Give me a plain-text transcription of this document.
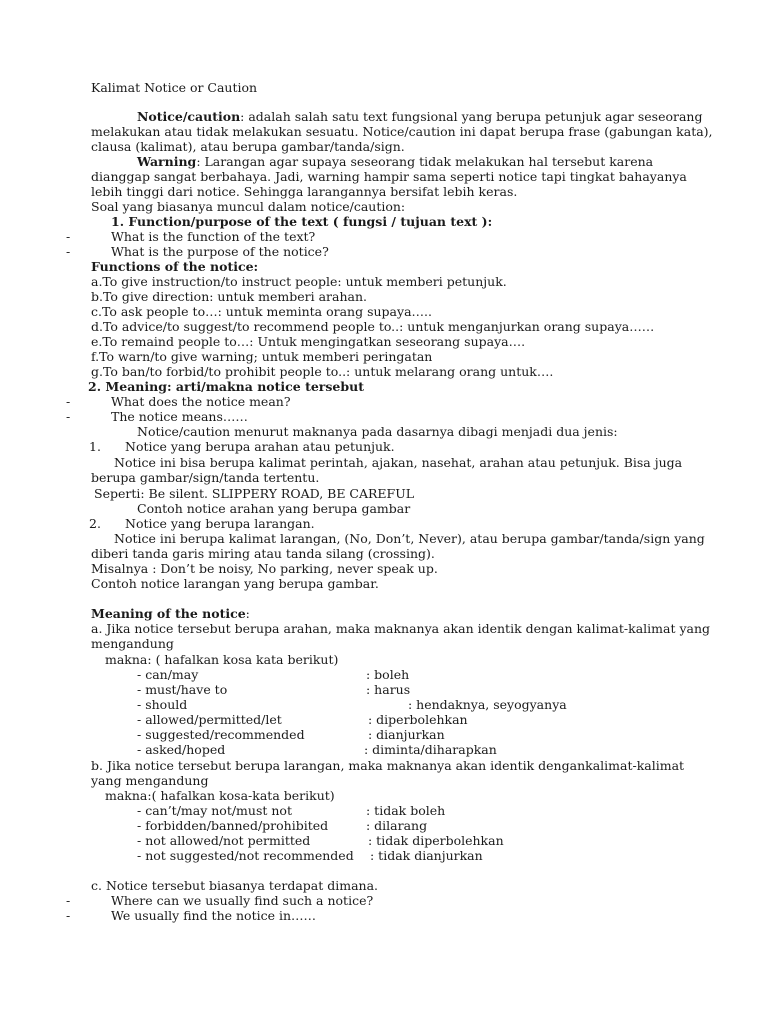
Kalimat Notice or Caution
Notice/caution: adalah salah satu text fungsional yang berupa petunjuk agar seseorang
melakukan atau tidak melakukan sesuatu. Notice/caution ini dapat berupa frase (gabungan kata),
clausa (kalimat), atau berupa gambar/tanda/sign.
Warning: Larangan agar supaya seseorang tidak melakukan hal tersebut karena
dianggap sangat berbahaya. Jadi, warning hampir sama seperti notice tapi tingkat bahayanya
lebih tinggi dari notice. Sehingga larangannya bersifat lebih keras.
Soal yang biasanya muncul dalam notice/caution:
1. Function/purpose of the text ( fungsi / tujuan text ):
-	What is the function of the text?
-	What is the purpose of the notice?
Functions of the notice:
a.To give instruction/to instruct people: untuk memberi petunjuk.
b.To give direction: untuk memberi arahan.
c.To ask people to…: untuk meminta orang supaya…..
d.To advice/to suggest/to recommend people to..: untuk menganjurkan orang supaya……
e.To remaind people to…: Untuk mengingatkan seseorang supaya….
f.To warn/to give warning; untuk memberi peringatan
g.To ban/to forbid/to prohibit people to..: untuk melarang orang untuk….
2. Meaning: arti/makna notice tersebut
-	What does the notice mean?
-	The notice means……
Notice/caution menurut maknanya pada dasarnya dibagi menjadi dua jenis:
1. Notice yang berupa arahan atau petunjuk.
Notice ini bisa berupa kalimat perintah, ajakan, nasehat, arahan atau petunjuk. Bisa juga
berupa gambar/sign/tanda tertentu.
Seperti: Be silent. SLIPPERY ROAD, BE CAREFUL
Contoh notice arahan yang berupa gambar
2. Notice yang berupa larangan.
Notice ini berupa kalimat larangan, (No, Don’t, Never), atau berupa gambar/tanda/sign yang
diberi tanda garis miring atau tanda silang (crossing).
Misalnya : Don’t be noisy, No parking, never speak up.
Contoh notice larangan yang berupa gambar.
Meaning of the notice:
a. Jika notice tersebut berupa arahan, maka maknanya akan identik dengan kalimat-kalimat yang
mengandung
makna: ( hafalkan kosa kata berikut)
- can/may	: boleh
- must/have to	: harus
- should	: hendaknya, seyogyanya
- allowed/permitted/let	: diperbolehkan
- suggested/recommended	: dianjurkan
- asked/hoped	: diminta/diharapkan
b. Jika notice tersebut berupa larangan, maka maknanya akan identik dengankalimat-kalimat
yang mengandung
makna:( hafalkan kosa-kata berikut)
- can’t/may not/must not	: tidak boleh
- forbidden/banned/prohibited	: dilarang
- not allowed/not permitted	: tidak diperbolehkan
- not suggested/not recommended : tidak dianjurkan
c. Notice tersebut biasanya terdapat dimana.
-	Where can we usually find such a notice?
-	We usually find the notice in……
